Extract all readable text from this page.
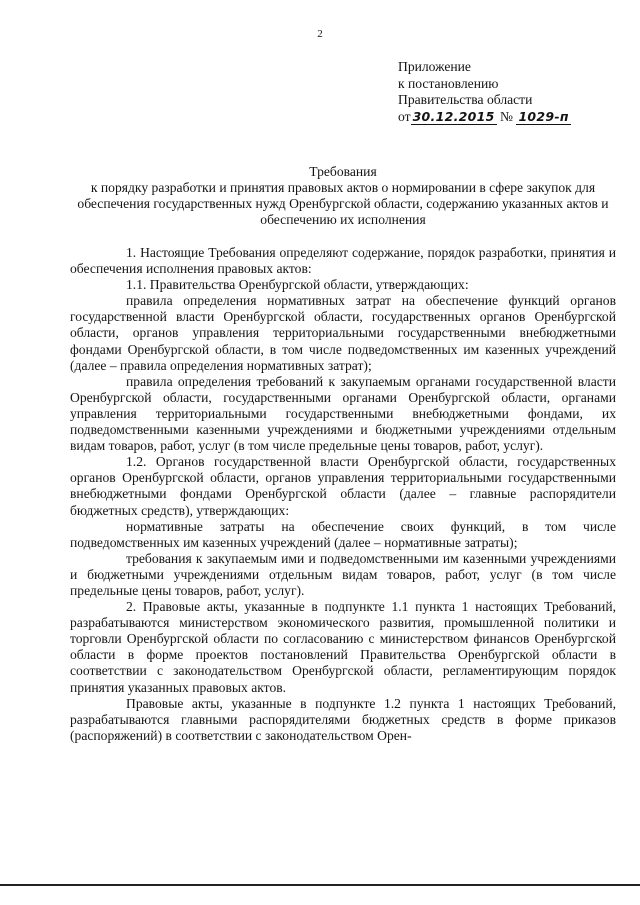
2
Приложение
к постановлению
Правительства области
от 30.12.2015 № 1029-п
Требования
к порядку разработки и принятия правовых актов о нормировании в сфере закупок для обеспечения государственных нужд Оренбургской области, содержанию указанных актов и обеспечению их исполнения

1. Настоящие Требования определяют содержание, порядок разработки, принятия и обеспечения исполнения правовых актов:

1.1. Правительства Оренбургской области, утверждающих:

правила определения нормативных затрат на обеспечение функций органов государственной власти Оренбургской области, государственных органов Оренбургской области, органов управления территориальными государственными внебюджетными фондами Оренбургской области, в том числе подведомственных им казенных учреждений (далее – правила определения нормативных затрат);

правила определения требований к закупаемым органами государственной власти Оренбургской области, государственными органами Оренбургской области, органами управления территориальными государственными внебюджетными фондами, их подведомственными казенными учреждениями и бюджетными учреждениями отдельным видам товаров, работ, услуг (в том числе предельные цены товаров, работ, услуг).

1.2. Органов государственной власти Оренбургской области, государственных органов Оренбургской области, органов управления территориальными государственными внебюджетными фондами Оренбургской области (далее – главные распорядители бюджетных средств), утверждающих:

нормативные затраты на обеспечение своих функций, в том числе подведомственных им казенных учреждений (далее – нормативные затраты);

требования к закупаемым ими и подведомственными им казенными учреждениями и бюджетными учреждениями отдельным видам товаров, работ, услуг (в том числе предельные цены товаров, работ, услуг).

2. Правовые акты, указанные в подпункте 1.1 пункта 1 настоящих Требований, разрабатываются министерством экономического развития, промышленной политики и торговли Оренбургской области по согласованию с министерством финансов Оренбургской области в форме проектов постановлений Правительства Оренбургской области в соответствии с законодательством Оренбургской области, регламентирующим порядок принятия указанных правовых актов.

Правовые акты, указанные в подпункте 1.2 пункта 1 настоящих Требований, разрабатываются главными распорядителями бюджетных средств в форме приказов (распоряжений) в соответствии с законодательством Орен-
